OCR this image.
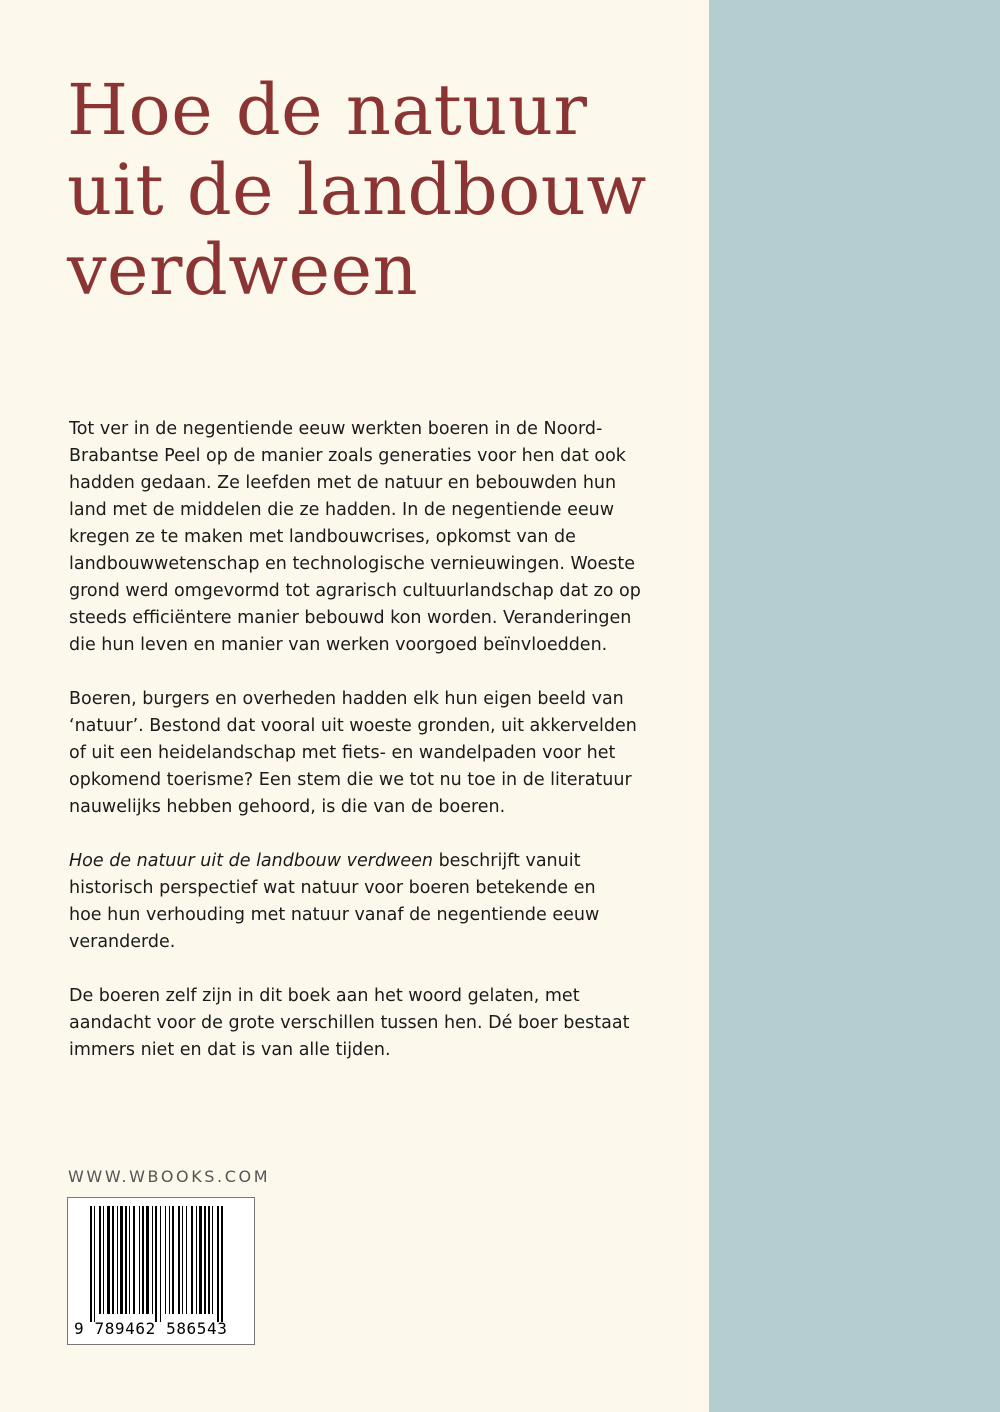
Hoe de natuur
uit de landbouw
verdween

Tot ver in de negentiende eeuw werkten boeren in de Noord-
Brabantse Peel op de manier zoals generaties voor hen dat ook
hadden gedaan. Ze leefden met de natuur en bebouwden hun
land met de middelen die ze hadden. In de negentiende eeuw
kregen ze te maken met landbouwcrises, opkomst van de
landbouwwetenschap en technologische vernieuwingen. Woeste
grond werd omgevormd tot agrarisch cultuurlandschap dat zo op
steeds efficiëntere manier bebouwd kon worden. Veranderingen
die hun leven en manier van werken voorgoed beïnvloedden.

Boeren, burgers en overheden hadden elk hun eigen beeld van
‘natuur’. Bestond dat vooral uit woeste gronden, uit akkervelden
of uit een heidelandschap met fiets- en wandelpaden voor het
opkomend toerisme? Een stem die we tot nu toe in de literatuur
nauwelijks hebben gehoord, is die van de boeren.

Hoe de natuur uit de landbouw verdween beschrijft vanuit
historisch perspectief wat natuur voor boeren betekende en
hoe hun verhouding met natuur vanaf de negentiende eeuw
veranderde.

De boeren zelf zijn in dit boek aan het woord gelaten, met
aandacht voor de grote verschillen tussen hen. Dé boer bestaat
immers niet en dat is van alle tijden.

WWW.WBOOKS.COM
9 789462 586543
